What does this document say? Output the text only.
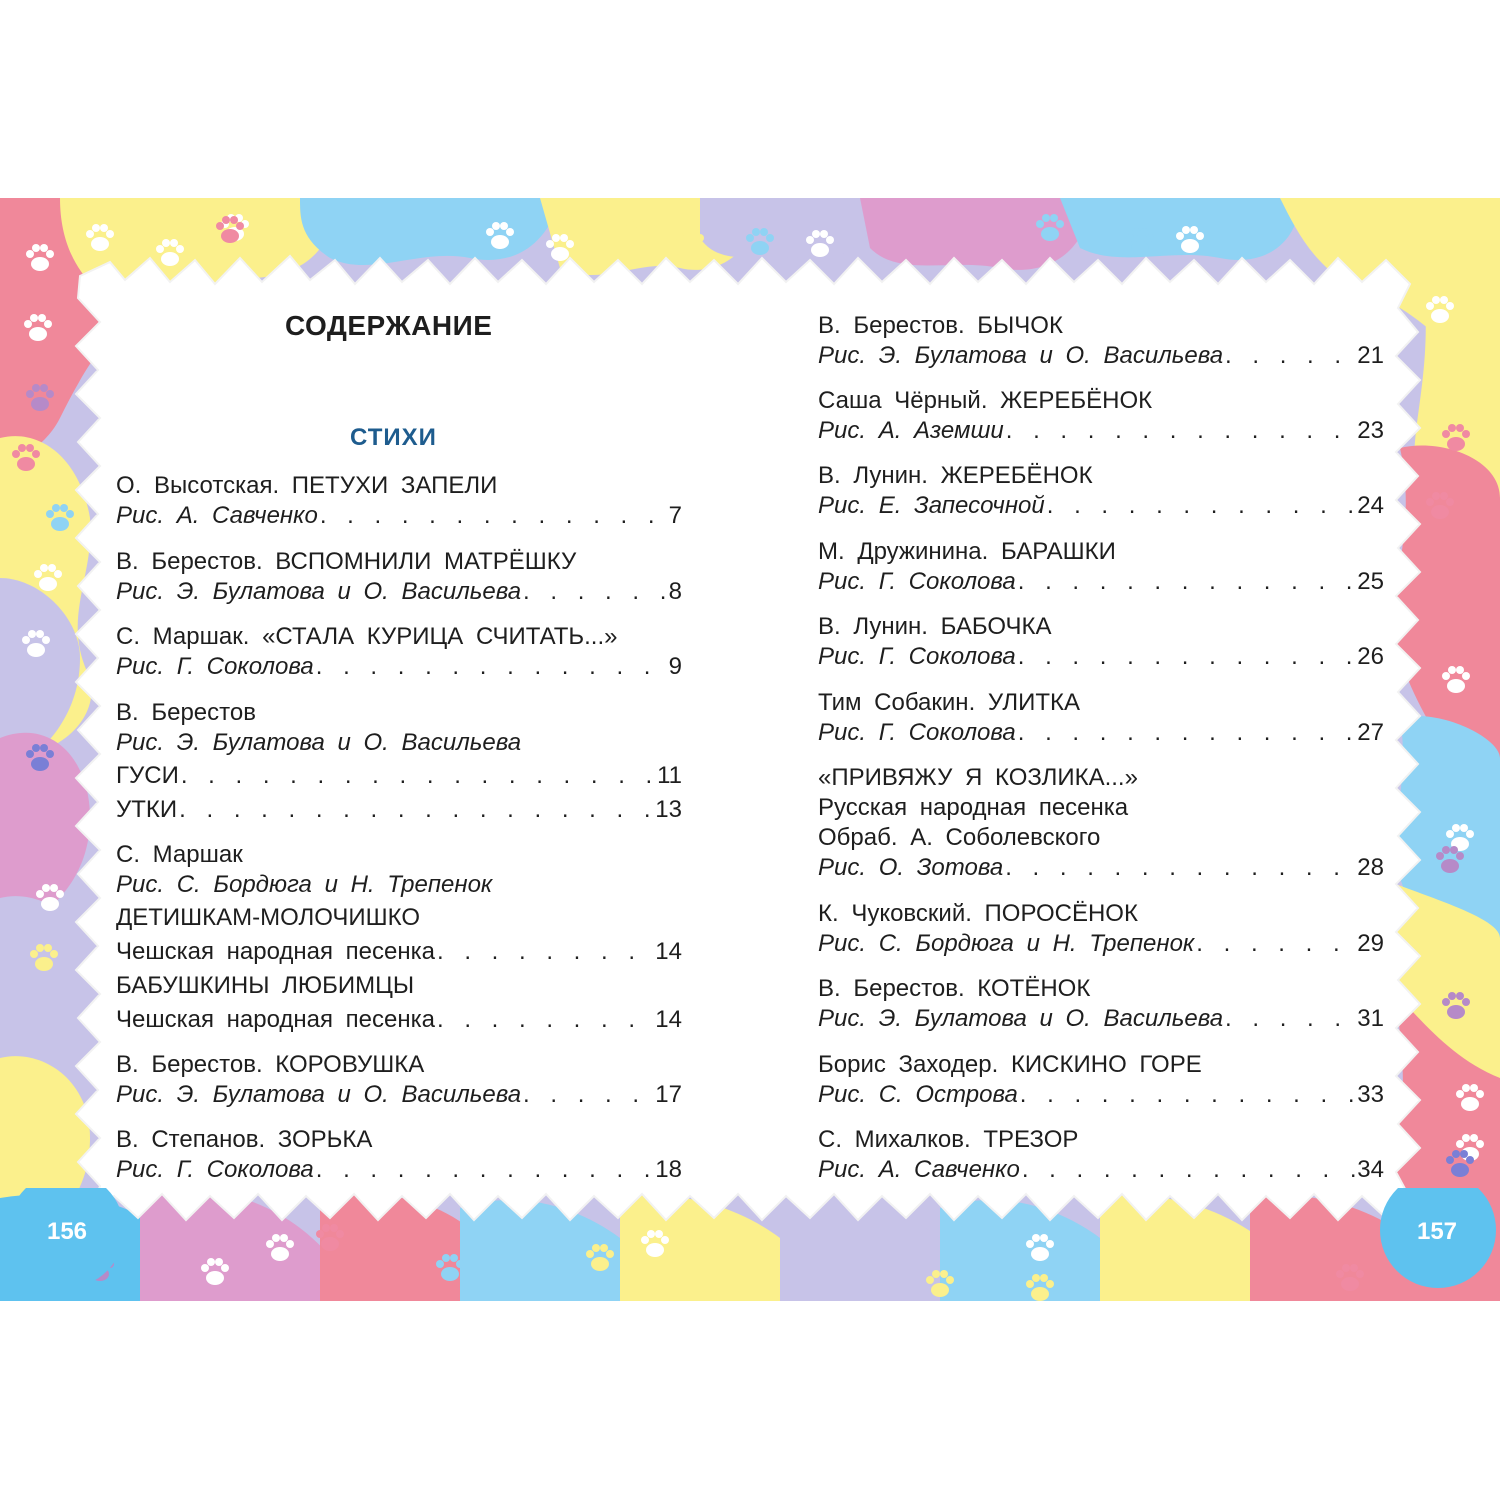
СОДЕРЖАНИЕ
СТИХИ
О. Высотская. ПЕТУХИ ЗАПЕЛИ
Рис. А. Савченко . . .	7
В. Берестов. ВСПОМНИЛИ МАТРЁШКУ
Рис. Э. Булатова и О. Васильева . . .	8
С. Маршак. «СТАЛА КУРИЦА СЧИТАТЬ...»
Рис. Г. Соколова . . .	9
В. Берестов
Рис. Э. Булатова и О. Васильева
ГУСИ . . .	11
УТКИ . . .	13
С. Маршак
Рис. С. Бордюга и Н. Трепенок
ДЕТИШКАМ-МОЛОЧИШКО
Чешская народная песенка . . .	14
БАБУШКИНЫ ЛЮБИМЦЫ
Чешская народная песенка . . .	14
В. Берестов. КОРОВУШКА
Рис. Э. Булатова и О. Васильева . . .	17
В. Степанов. ЗОРЬКА
Рис. Г. Соколова . . .	18
156
В. Берестов. БЫЧОК
Рис. Э. Булатова и О. Васильева . . .	21
Саша Чёрный. ЖЕРЕБЁНОК
Рис. А. Аземши . . .	23
В. Лунин. ЖЕРЕБЁНОК
Рис. Е. Запесочной . . .	24
М. Дружинина. БАРАШКИ
Рис. Г. Соколова . . .	25
В. Лунин. БАБОЧКА
Рис. Г. Соколова . . .	26
Тим Собакин. УЛИТКА
Рис. Г. Соколова . . .	27
«ПРИВЯЖУ Я КОЗЛИКА...»
Русская народная песенка
Обраб. А. Соболевского
Рис. О. Зотова . . .	28
К. Чуковский. ПОРОСЁНОК
Рис. С. Бордюга и Н. Трепенок . . .	29
В. Берестов. КОТЁНОК
Рис. Э. Булатова и О. Васильева . . .	31
Борис Заходер. КИСКИНО ГОРЕ
Рис. С. Острова . . .	33
С. Михалков. ТРЕЗОР
Рис. А. Савченко . . .	34
157
